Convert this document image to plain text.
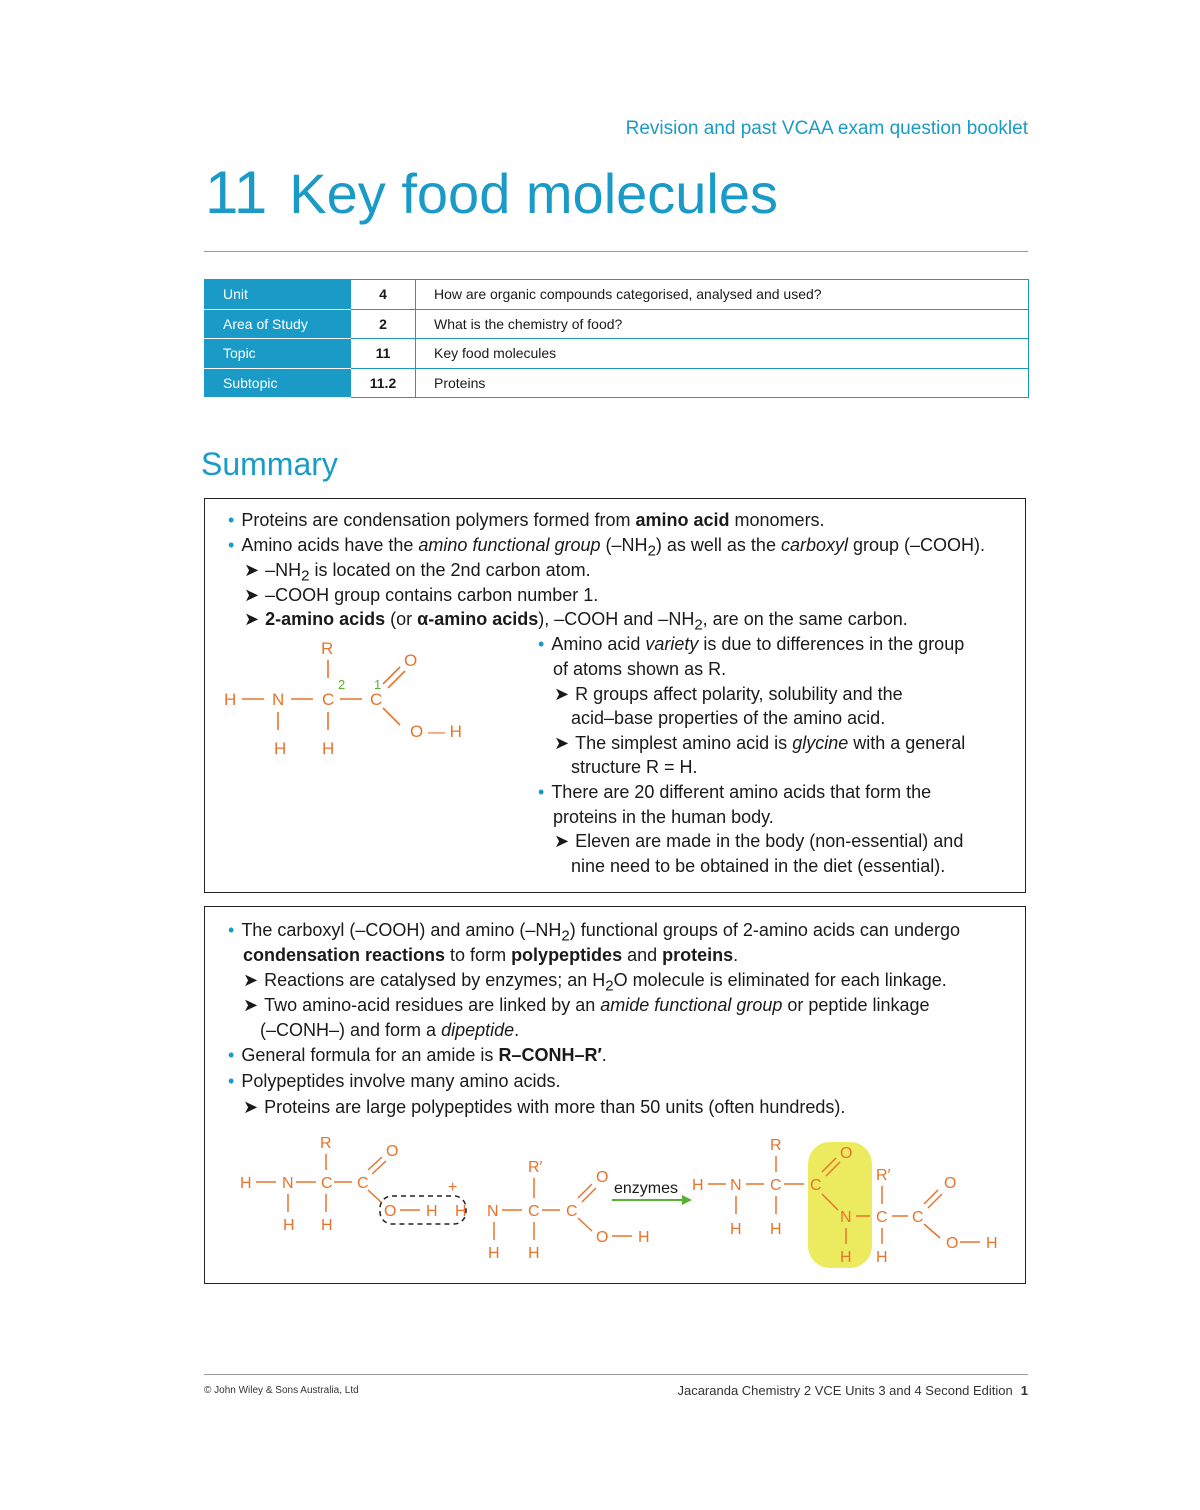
Revision and past VCAA exam question booklet
11 Key food molecules
Unit	4	How are organic compounds categorised, analysed and used?
Area of Study	2	What is the chemistry of food?
Topic	11	Key food molecules
Subtopic	11.2	Proteins
Summary
• Proteins are condensation polymers formed from amino acid monomers.
• Amino acids have the amino functional group $(-NH_2)$ as well as the carboxyl group (–COOH).
➤ $-NH_2$ is located on the 2nd carbon atom.
➤ –COOH group contains carbon number 1.
➤ 2-amino acids (or α-amino acids), –COOH and $-NH_2$, are on the same carbon.
• Amino acid variety is due to differences in the group
of atoms shown as R.
➤ R groups affect polarity, solubility and the
acid–base properties of the amino acid.
➤ The simplest amino acid is glycine with a general
structure R = H.
• There are 20 different amino acids that form the
proteins in the human body.
➤ Eleven are made in the body (non-essential) and
nine need to be obtained in the diet (essential).
R
O
H N C C
O — H
H H
2 1
• The carboxyl (–COOH) and amino $(-NH_2)$ functional groups of 2-amino acids can undergo
condensation reactions to form polypeptides and proteins.
➤ Reactions are catalysed by enzymes; an $H_2O$ molecule is eliminated for each linkage.
➤ Two amino-acid residues are linked by an amide functional group or peptide linkage
(–CONH–) and form a dipeptide.
• General formula for an amide is R–CONH–R′.
• Polypeptides involve many amino acids.
➤ Proteins are large polypeptides with more than 50 units (often hundreds).
R	O
H N C C
O H
H H
+
R′
O
H N C C
O H
H H
R	O
H N C C
H H
N
R′
C C
O
H H
O H
enzymes
© John Wiley & Sons Australia, Ltd	Jacaranda Chemistry 2 VCE Units 3 and 4 Second Edition 1
